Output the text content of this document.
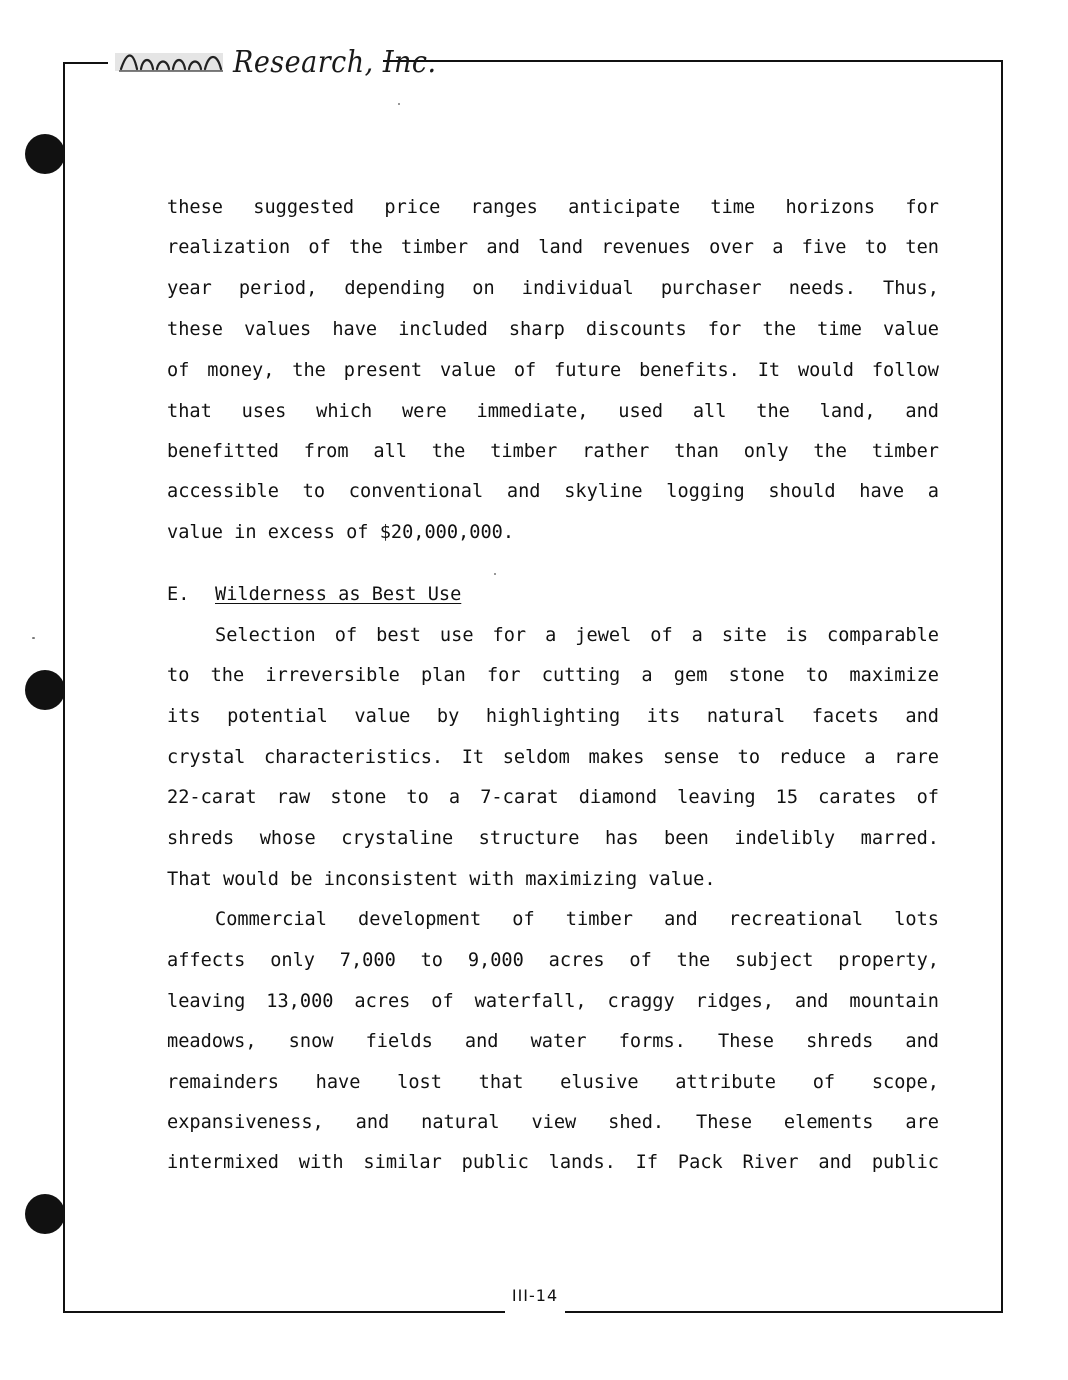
Research, Inc.
these suggested price ranges anticipate time horizons for
realization of the timber and land revenues over a five to ten
year period, depending on individual purchaser needs. Thus,
these values have included sharp discounts for the time value
of money, the present value of future benefits. It would follow
that uses which were immediate, used all the land, and
benefitted from all the timber rather than only the timber
accessible to conventional and skyline logging should have a
value in excess of $20,000,000.
E. Wilderness as Best Use
Selection of best use for a jewel of a site is comparable
to the irreversible plan for cutting a gem stone to maximize
its potential value by highlighting its natural facets and
crystal characteristics. It seldom makes sense to reduce a rare
22-carat raw stone to a 7-carat diamond leaving 15 carates of
shreds whose crystaline structure has been indelibly marred.
That would be inconsistent with maximizing value.
Commercial development of timber and recreational lots
affects only 7,000 to 9,000 acres of the subject property,
leaving 13,000 acres of waterfall, craggy ridges, and mountain
meadows, snow fields and water forms. These shreds and
remainders have lost that elusive attribute of scope,
expansiveness, and natural view shed. These elements are
intermixed with similar public lands. If Pack River and public
III-14
